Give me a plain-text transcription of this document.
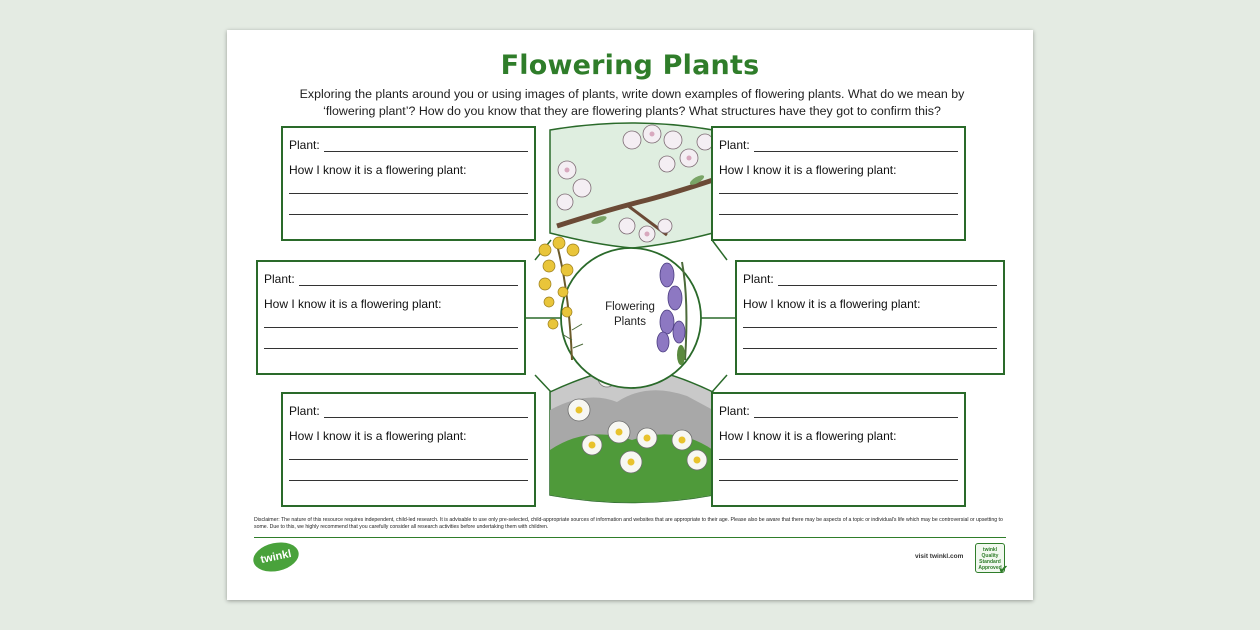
Flowering Plants
Exploring the plants around you or using images of plants, write down examples of flowering plants. What do we mean by
‘flowering plant’? How do you know that they are flowering plants? What structures have they got to confirm this?
Flowering
Plants
Plant:
How I know it is a flowering plant:
Plant:
How I know it is a flowering plant:
Plant:
How I know it is a flowering plant:
Plant:
How I know it is a flowering plant:
Plant:
How I know it is a flowering plant:
Plant:
How I know it is a flowering plant:
Disclaimer: The nature of this resource requires independent, child-led research. It is advisable to use only pre-selected, child-appropriate sources of information and websites that are appropriate to their age. Please also be aware that there may be aspects of a topic or individual's life which may be controversial or upsetting to some. Due to this, we highly recommend that you carefully consider all research activities before undertaking them with children.
twinkl	visit twinkl.com
twinkl
Quality Standard
Approved
✔
